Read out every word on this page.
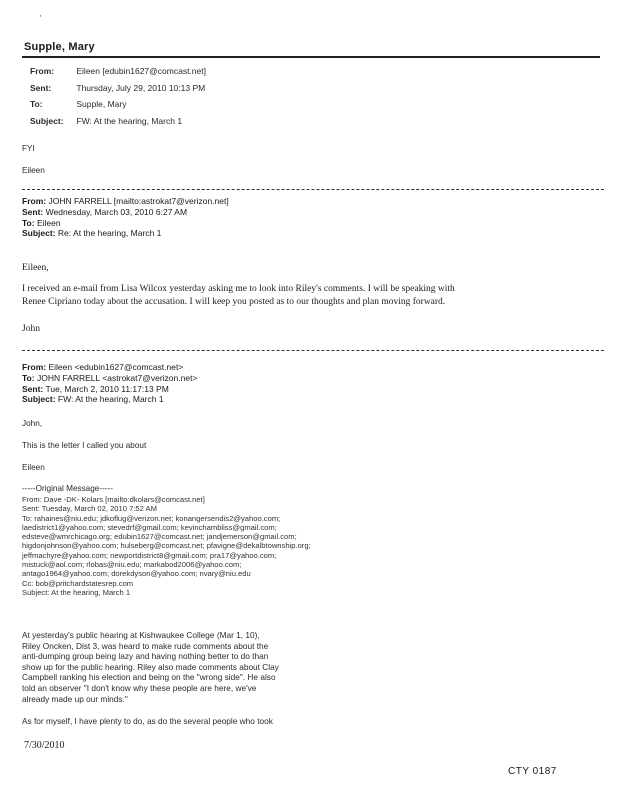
'
Supple, Mary
From:	Eileen [edubin1627@comcast.net]
Sent:	Thursday, July 29, 2010 10:13 PM
To:	Supple, Mary
Subject: FW: At the hearing, March 1
FYI
Eileen
From: JOHN FARRELL [mailto:astrokat7@verizon.net]
Sent: Wednesday, March 03, 2010 6:27 AM
To: Eileen
Subject: Re: At the hearing, March 1
Eileen,
I received an e-mail from Lisa Wilcox yesterday asking me to look into Riley's comments. I will be speaking with
Renee Cipriano today about the accusation. I will keep you posted as to our thoughts and plan moving forward.
John
From: Eileen <edubin1627@comcast.net>
To: JOHN FARRELL <astrokat7@verizon.net>
Sent: Tue, March 2, 2010 11:17:13 PM
Subject: FW: At the hearing, March 1
John,
This is the letter I called you about
Eileen
-----Original Message-----
From: Dave -DK- Kolars [mailto:dkolars@comcast.net]
Sent: Tuesday, March 02, 2010 7:52 AM
To: rahaines@niu.edu; jdkoflug@verizon.net; konangersendis2@yahoo.com;
laedistrict1@yahoo.com; stevedrf@gmail.com; kevinchambliss@gmail.com;
edsteve@wmrchicago.org; edubin1627@comcast.net; jandjemerson@gmail.com;
higdonjohnson@yahoo.com; hulseberg@comcast.net; pfavigne@dekalbtownship.org;
jeffmachyre@yahoo.com; newportdistrict8@gmail.com; pra17@yahoo.com;
mistuck@aol.com; rlobas@niu.edu; markabod2006@yahoo.com;
antago1964@yahoo.com; dorekdyson@yahoo.com; nvary@niu.edu
Cc: bob@pritchardstatesrep.com
Subject: At the hearing, March 1
At yesterday's public hearing at Kishwaukee College (Mar 1, 10),
Riley Oncken, Dist 3, was heard to make rude comments about the
anti-dumping group being lazy and having nothing better to do than
show up for the public hearing. Riley also made comments about Clay
Campbell ranking his election and being on the "wrong side". He also
told an observer "I don't know why these people are here, we've
already made up our minds."
As for myself, I have plenty to do, as do the several people who took
7/30/2010
CTY 0187
